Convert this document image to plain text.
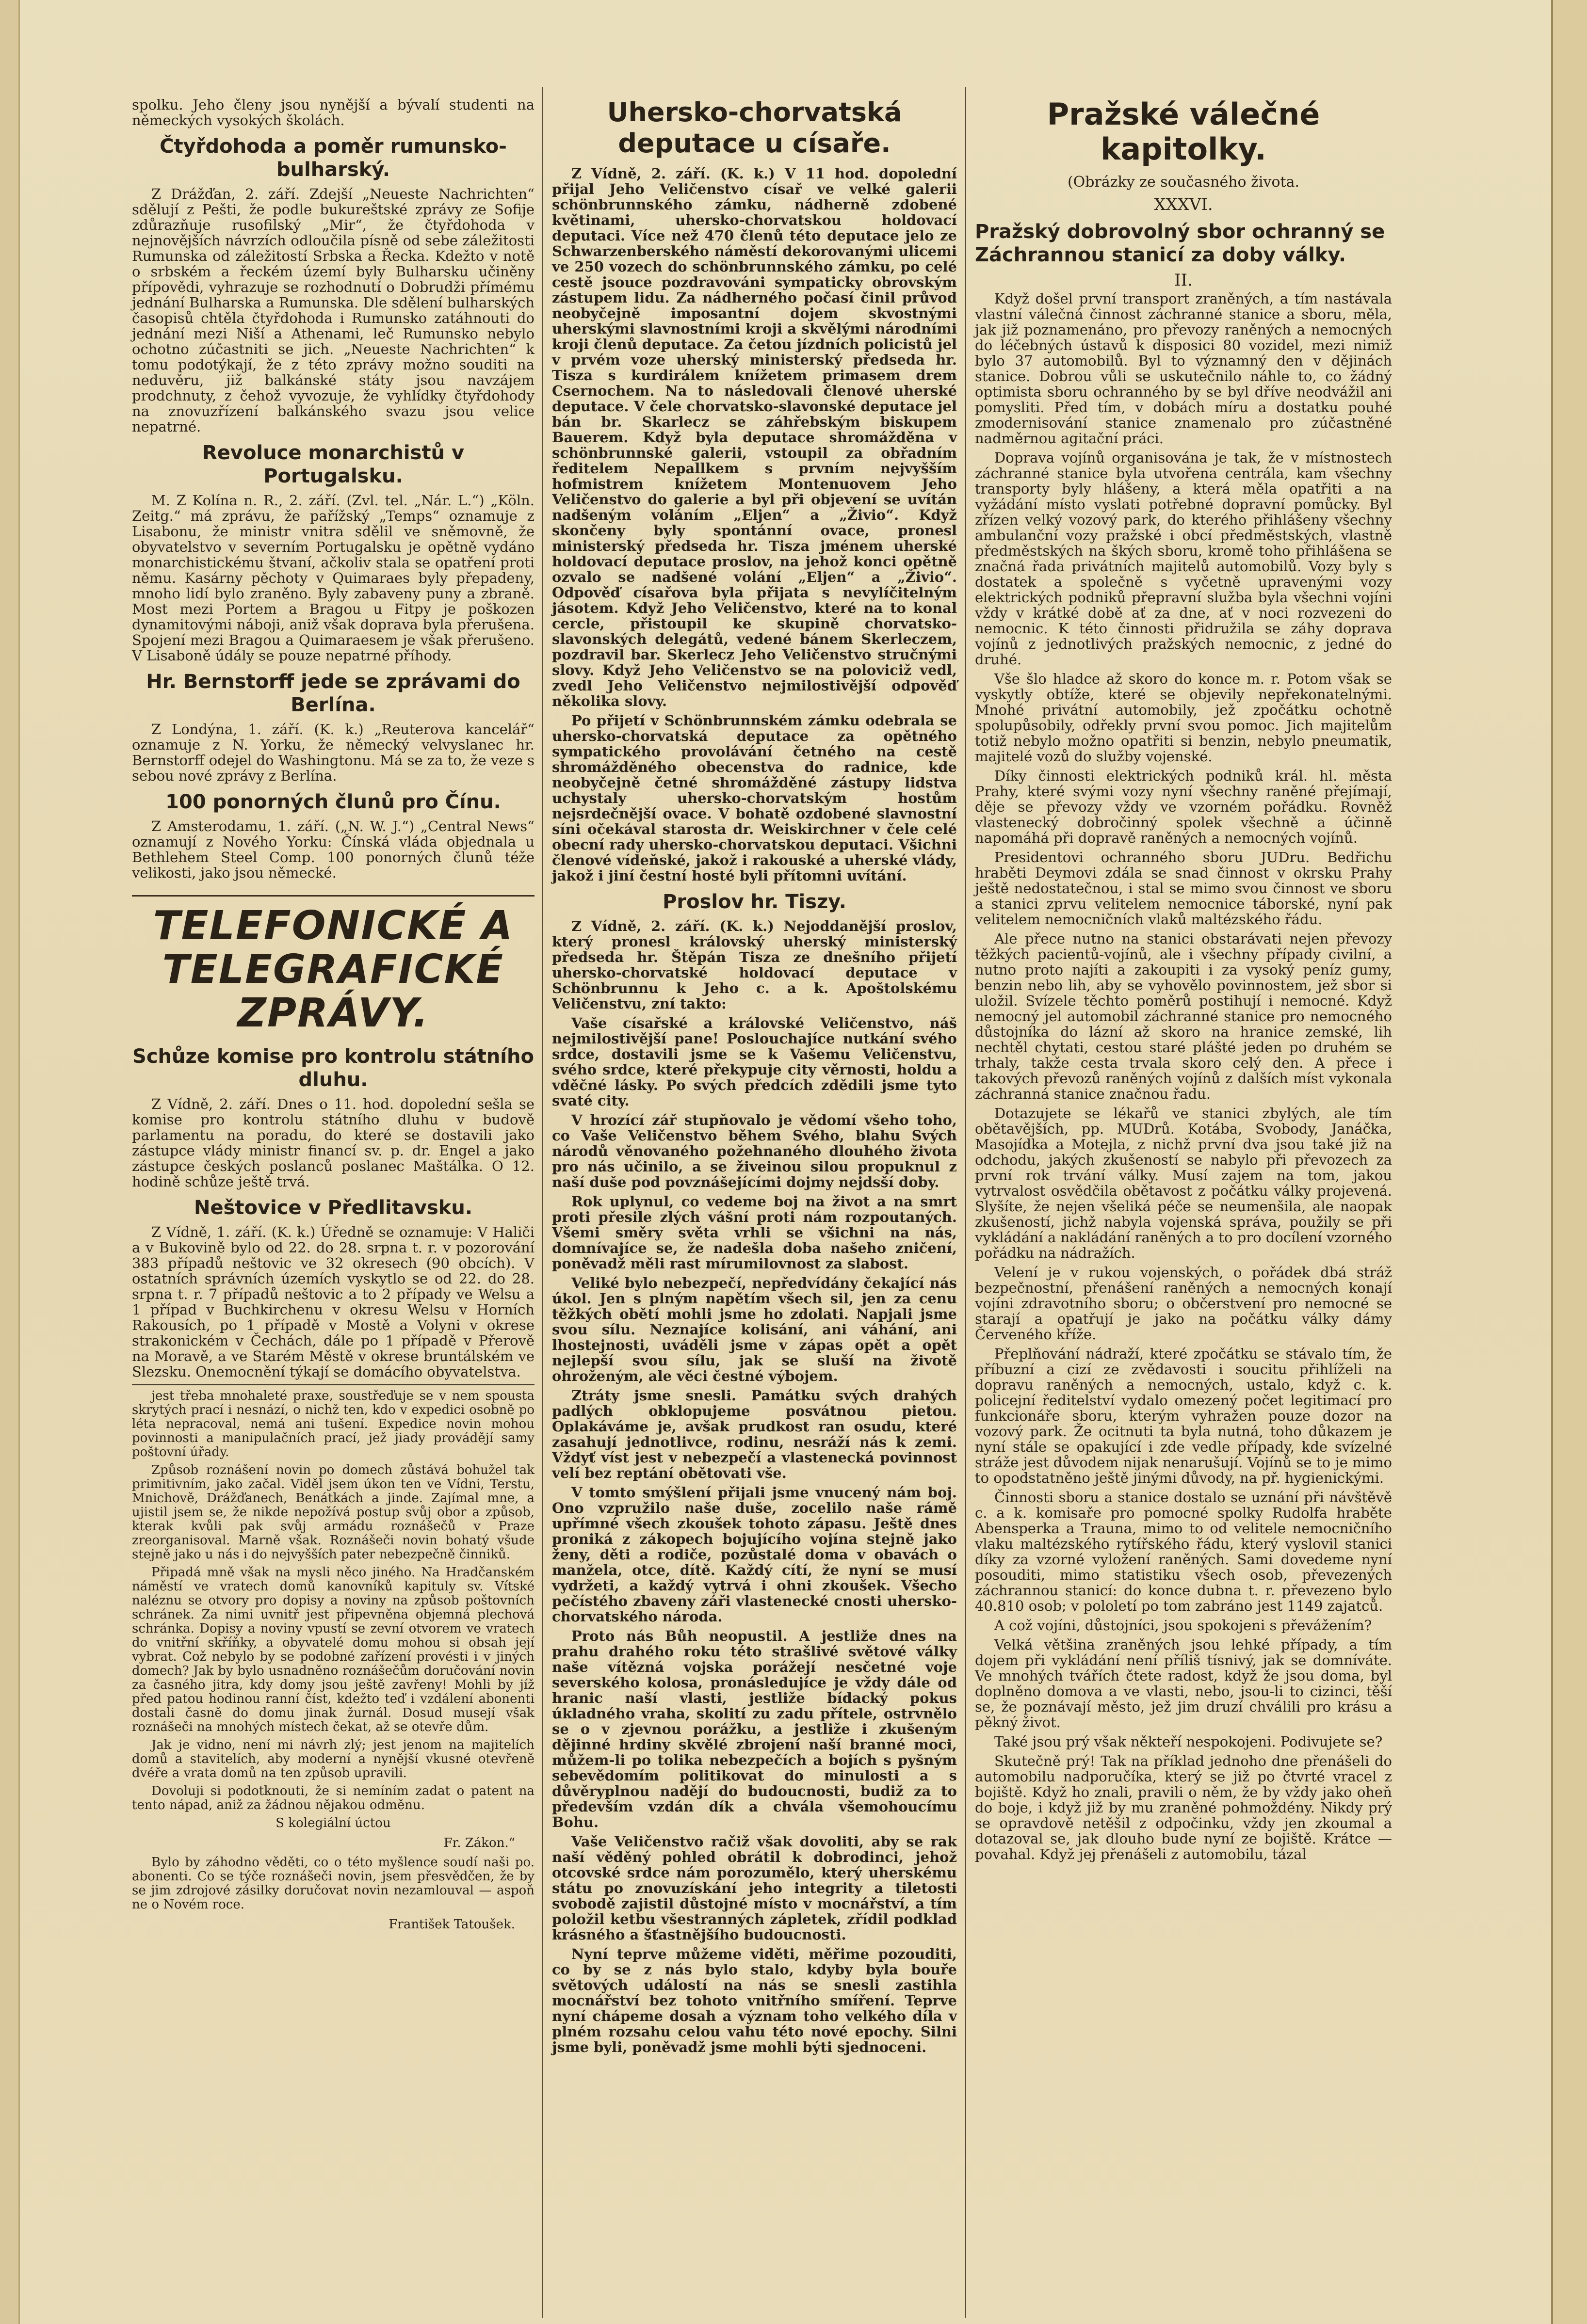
spolku. Jeho členy jsou nynější a bývalí studenti na německých vysokých školách.

Čtyřdohoda a poměr rumunsko-bulharský.

Z Drážďan, 2. září. Zdejší „Neueste Nachrichten“ sdělují z Pešti, že podle bukureštské zprávy ze Sofije zdůrazňuje rusofilský „Mir“, že čtyřdohoda v nejnovějších návrzích odloučila písně od sebe záležitosti Rumunska od záležitostí Srbska a Řecka. Kdežto v notě o srbském a řeckém území byly Bulharsku učiněny přípovědi, vyhrazuje se rozhodnutí o Dobrudži přímému jednání Bulharska a Rumunska. Dle sdělení bulharských časopisů chtěla čtyřdohoda i Rumunsko zatáhnouti do jednání mezi Niší a Athenami, leč Rumunsko nebylo ochotno zúčastniti se jich. „Neueste Nachrichten“ k tomu podotýkají, že z této zprávy možno souditi na neduvěru, již balkánské státy jsou navzájem prodchnuty, z čehož vyvozuje, že vyhlídky čtyřdohody na znovuzřízení balkánského svazu jsou velice nepatrné.

Revoluce monarchistů v Portugalsku.

M. Z Kolína n. R., 2. září. (Zvl. tel. „Nár. L.“) „Köln. Zeitg.“ má zprávu, že pařížský „Temps“ oznamuje z Lisabonu, že ministr vnitra sdělil ve sněmovně, že obyvatelstvo v severním Portugalsku je opětně vydáno monarchistickému štvaní, ačkoliv stala se opatření proti němu. Kasárny pěchoty v Quimaraes byly přepadeny, mnoho lidí bylo zraněno. Byly zabaveny puny a zbraně. Most mezi Portem a Bragou u Fitpy je poškozen dynamitovými náboji, aniž však doprava byla přerušena. Spojení mezi Bragou a Quimaraesem je však přerušeno. V Lisaboně údály se pouze nepatrné příhody.

Hr. Bernstorff jede se zprávami do Berlína.

Z Londýna, 1. září. (K. k.) „Reuterova kancelář“ oznamuje z N. Yorku, že německý velvyslanec hr. Bernstorff odejel do Washingtonu. Má se za to, že veze s sebou nové zprávy z Berlína.

100 ponorných člunů pro Čínu.

Z Amsterodamu, 1. září. („N. W. J.“) „Central News“ oznamují z Nového Yorku: Čínská vláda objednala u Bethlehem Steel Comp. 100 ponorných člunů téže velikosti, jako jsou německé.

TELEFONICKÉ A TELEGRAFICKÉ ZPRÁVY.
Schůze komise pro kontrolu státního dluhu.

Z Vídně, 2. září. Dnes o 11. hod. dopolední sešla se komise pro kontrolu státního dluhu v budově parlamentu na poradu, do které se dostavili jako zástupce vlády ministr financí sv. p. dr. Engel a jako zástupce českých poslanců poslanec Maštálka. O 12. hodině schůze ještě trvá.

Neštovice v Předlitavsku.

Z Vídně, 1. září. (K. k.) Úředně se oznamuje: V Haliči a v Bukovině bylo od 22. do 28. srpna t. r. v pozorování 383 případů neštovic ve 32 okresech (90 obcích). V ostatních správních územích vyskytlo se od 22. do 28. srpna t. r. 7 případů neštovic a to 2 případy ve Welsu a 1 případ v Buchkirchenu v okresu Welsu v Horních Rakousích, po 1 případě v Mostě a Volyni v okrese strakonickém v Čechách, dále po 1 případě v Přerově na Moravě, a ve Starém Městě v okrese bruntálském ve Slezsku. Onemocnění týkají se domácího obyvatelstva.

jest třeba mnohaleté praxe, soustřeďuje se v nem spousta skrytých prací i nesnází, o nichž ten, kdo v expedici osobně po léta nepracoval, nemá ani tušení. Expedice novin mohou povinnosti a manipulačních prací, jež jiady provádějí samy poštovní úřady.

Způsob roznášení novin po domech zůstává bohužel tak primitivním, jako začal. Viděl jsem úkon ten ve Vídni, Terstu, Mnichově, Drážďanech, Benátkách a jinde. Zajímal mne, a ujistil jsem se, že nikde nepožívá postup svůj obor a způsob, kterak kvůli pak svůj armádu roznášečů v Praze zreorganisoval. Marně však. Roznášeči novin bohatý všude stejně jako u nás i do nejvyšších pater nebezpečně činniků.

Připadá mně však na mysli něco jiného. Na Hradčanském náměstí ve vratech domů kanovníků kapituly sv. Vítské naléznu se otvory pro dopisy a noviny na způsob poštovních schránek. Za nimi uvnitř jest připevněna objemná plechová schránka. Dopisy a noviny vpustí se zevní otvorem ve vratech do vnitřní skříňky, a obyvatelé domu mohou si obsah její vybrat. Což nebylo by se podobné zařízení provésti i v jiných domech? Jak by bylo usnadněno roznášečům doručování novin za časného jitra, kdy domy jsou ještě zavřeny! Mohli by jíž před patou hodinou ranní číst, kdežto teď i vzdálení abonenti dostali časně do domu jinak žurnál. Dosud musejí však roznášeči na mnohých místech čekat, až se otevře dům.

Jak je vidno, není mi návrh zlý; jest jenom na majitelích domů a stavitelích, aby moderní a nynější vkusné otevřeně dvéře a vrata domů na ten způsob upravili.

Dovoluji si podotknouti, že si nemíním zadat o patent na tento nápad, aniž za žádnou nějakou odměnu.

S kolegiální úctou

Fr. Zákon.“

Bylo by záhodno věděti, co o této myšlence soudí naši po. abonenti. Co se týče roznášeči novin, jsem přesvědčen, že by se jim zdrojové zásilky doručovat novin nezamlouval — aspoň ne o Novém roce.

František Tatoušek.

Uhersko-chorvatská deputace u císaře.

Z Vídně, 2. září. (K. k.) V 11 hod. dopolední přijal Jeho Veličenstvo císař ve velké galerii schönbrunnského zámku, nádherně zdobené květinami, uhersko-chorvatskou holdovací deputaci. Více než 470 členů této deputace jelo ze Schwarzenberského náměstí dekorovanými ulicemi ve 250 vozech do schönbrunnského zámku, po celé cestě jsouce pozdravováni sympaticky obrovským zástupem lidu. Za nádherného počasí činil průvod neobyčejně imposantní dojem skvostnými uherskými slavnostními kroji a skvělými národními kroji členů deputace. Za četou jízdních policistů jel v prvém voze uherský ministerský předseda hr. Tisza s kurdirálem knížetem primasem drem Csernochem. Na to následovali členové uherské deputace. V čele chorvatsko-slavonské deputace jel bán br. Skarlecz se záhřebským biskupem Bauerem. Když byla deputace shromážděna v schönbrunnské galerii, vstoupil za obřadním ředitelem Nepallkem s prvním nejvyšším hofmistrem knížetem Montenuovem Jeho Veličenstvo do galerie a byl při objevení se uvítán nadšeným voláním „Eljen“ a „Živio“. Když skončeny byly spontánní ovace, pronesl ministerský předseda hr. Tisza jménem uherské holdovací deputace proslov, na jehož konci opětně ozvalo se nadšené volání „Eljen“ a „Živio“. Odpověď císařova byla přijata s nevylíčitelným jásotem. Když Jeho Veličenstvo, které na to konal cercle, přistoupil ke skupině chorvatsko-slavonských delegátů, vedené bánem Skerleczem, pozdravil bar. Skerlecz Jeho Veličenstvo stručnými slovy. Když Jeho Veličenstvo se na poloviciž vedl, zvedl Jeho Veličenstvo nejmilostivější odpověď několika slovy.

Po přijetí v Schönbrunnském zámku odebrala se uhersko-chorvatská deputace za opětného sympatického provolávání četného na cestě shromážděného obecenstva do radnice, kde neobyčejně četné shromážděné zástupy lidstva uchystaly uhersko-chorvatským hostům nejsrdečnější ovace. V bohatě ozdobené slavnostní síni očekával starosta dr. Weiskirchner v čele celé obecní rady uhersko-chorvatskou deputaci. Všichni členové vídeňské, jakož i rakouské a uherské vlády, jakož i jiní čestní hosté byli přítomni uvítání.

Proslov hr. Tiszy.

Z Vídně, 2. září. (K. k.) Nejoddanější proslov, který pronesl královský uherský ministerský předseda hr. Štěpán Tisza ze dnešního přijetí uhersko-chorvatské holdovací deputace v Schönbrunnu k Jeho c. a k. Apoštolskému Veličenstvu, zní takto:

Vaše císařské a královské Veličenstvo, náš nejmilostivější pane! Poslouchajíce nutkání svého srdce, dostavili jsme se k Vašemu Veličenstvu, svého srdce, které překypuje city věrnosti, holdu a vděčné lásky. Po svých předcích zdědili jsme tyto svaté city.

V hrozící zář stupňovalo je vědomí všeho toho, co Vaše Veličenstvo během Svého, blahu Svých národů věnovaného požehnaného dlouhého života pro nás učinilo, a se živeinou silou propuknul z naší duše pod povznášejícími dojmy nejdsší doby.

Rok uplynul, co vedeme boj na život a na smrt proti přesile zlých vášní proti nám rozpoutaných. Všemi směry světa vrhli se všichni na nás, domnívajíce se, že nadešla doba našeho zničení, poněvadž měli rast mírumilovnost za slabost.

Veliké bylo nebezpečí, nepředvídány čekající nás úkol. Jen s plným napětím všech sil, jen za cenu těžkých obětí mohli jsme ho zdolati. Napjali jsme svou sílu. Neznajíce kolisání, ani váhání, ani lhostejnosti, uváděli jsme v zápas opět a opět nejlepší svou sílu, jak se sluší na životě ohroženým, ale věci čestné výbojem.

Ztráty jsme snesli. Památku svých drahých padlých obklopujeme posvátnou pietou. Oplakáváme je, avšak prudkost ran osudu, které zasahují jednotlivce, rodinu, nesráží nás k zemi. Vždyť víst jest v nebezpečí a vlastenecká povinnost velí bez reptání obětovati vše.

V tomto smýšlení přijali jsme vnucený nám boj. Ono vzpružilo naše duše, zocelilo naše rámě upřímné všech zkoušek tohoto zápasu. Ještě dnes proniká z zákopech bojujícího vojína stejně jako ženy, děti a rodiče, pozůstalé doma v obavách o manžela, otce, dítě. Každý cítí, že nyní se musí vydržeti, a každý vytrvá i ohni zkoušek. Všecho pečístého zbaveny záři vlastenecké cnosti uhersko-chorvatského národa.

Proto nás Bůh neopustil. A jestliže dnes na prahu drahého roku této strašlivé světové války naše vítězná vojska porážejí nesčetné voje severského kolosa, pronásledujíce je vždy dále od hranic naší vlasti, jestliže bídacký pokus úkladného vraha, skolití zu zadu přítele, ostrvnělo se o v zjevnou porážku, a jestliže i zkušeným dějinné hrdiny skvělé zbrojení naší branné moci, můžem-li po tolika nebezpečích a bojích s pyšným sebevědomím politikovat do minulosti a s důvěryplnou nadějí do budoucnosti, budiž za to především vzdán dík a chvála všemohoucímu Bohu.

Vaše Veličenstvo račiž však dovoliti, aby se rak naší věděný pohled obrátil k dobrodinci, jehož otcovské srdce nám porozumělo, který uherskému státu po znovuzískání jeho integrity a tiletosti svobodě zajistil důstojné místo v mocnářství, a tím položil ketbu všestranných zápletek, zřídil podklad krásného a šťastnějšího budoucnosti.

Nyní teprve můžeme viděti, měřime pozouditi, co by se z nás bylo stalo, kdyby byla bouře světových událostí na nás se snesli zastihla mocnářství bez tohoto vnitřního smíření. Teprve nyní chápeme dosah a význam toho velkého díla v plném rozsahu celou vahu této nové epochy. Silni jsme byli, poněvadž jsme mohli býti sjednoceni.

Pražské válečné kapitolky.
(Obrázky ze současného života.
XXXVI.
Pražský dobrovolný sbor ochranný se Záchrannou stanicí za doby války.
II.

Když došel první transport zraněných, a tím nastávala vlastní válečná činnost záchranné stanice a sboru, měla, jak již poznamenáno, pro převozy raněných a nemocných do léčebných ústavů k disposici 80 vozidel, mezi nimiž bylo 37 automobilů. Byl to významný den v dějinách stanice. Dobrou vůli se uskutečnilo náhle to, co žádný optimista sboru ochranného by se byl dříve neodvážil ani pomysliti. Před tím, v dobách míru a dostatku pouhé zmodernisování stanice znamenalo pro zúčastněné nadměrnou agitační práci.

Doprava vojínů organisována je tak, že v místnostech záchranné stanice byla utvořena centrála, kam všechny transporty byly hlášeny, a která měla opatřiti a na vyžádání místo vyslati potřebné dopravní pomůcky. Byl zřízen velký vozový park, do kterého přihlášeny všechny ambulanční vozy pražské i obcí předměstských, vlastně předměstských na škých sboru, kromě toho přihlášena se značná řada privátních majitelů automobilů. Vozy byly s dostatek a společně s vyčetně upravenými vozy elektrických podniků přepravní služba byla všechni vojíni vždy v krátké době ať za dne, ať v noci rozvezeni do nemocnic. K této činnosti přidružila se záhy doprava vojínů z jednotlivých pražských nemocnic, z jedné do druhé.

Vše šlo hladce až skoro do konce m. r. Potom však se vyskytly obtíže, které se objevily nepřekonatelnými. Mnohé privátní automobily, jež zpočátku ochotně spolupůsobily, odřekly první svou pomoc. Jich majitelům totiž nebylo možno opatřiti si benzin, nebylo pneumatik, majitelé vozů do služby vojenské.

Díky činnosti elektrických podniků král. hl. města Prahy, které svými vozy nyní všechny raněné přejímají, děje se převozy vždy ve vzorném pořádku. Rovněž vlastenecký dobročinný spolek všechně a účinně napomáhá při dopravě raněných a nemocných vojínů.

Presidentovi ochranného sboru JUDru. Bedřichu hraběti Deymovi zdála se snad činnost v okrsku Prahy ještě nedostatečnou, i stal se mimo svou činnost ve sboru a stanici zprvu velitelem nemocnice táborské, nyní pak velitelem nemocničních vlaků maltézského řádu.

Ale přece nutno na stanici obstarávati nejen převozy těžkých pacientů-vojínů, ale i všechny případy civilní, a nutno proto najíti a zakoupiti i za vysoký peníz gumy, benzin nebo lih, aby se vyhovělo povinnostem, jež sbor si uložil. Svízele těchto poměrů postihují i nemocné. Když nemocný jel automobil záchranné stanice pro nemocného důstojníka do lázní až skoro na hranice zemské, lih nechtěl chytati, cestou staré plášté jeden po druhém se trhaly, takže cesta trvala skoro celý den. A přece i takových převozů raněných vojínů z dalších míst vykonala záchranná stanice značnou řadu.

Dotazujete se lékařů ve stanici zbylých, ale tím obětavějších, pp. MUDrů. Kotába, Svobody, Janáčka, Masojídka a Motejla, z nichž první dva jsou také již na odchodu, jakých zkušeností se nabylo při převozech za první rok trvání války. Musí zajem na tom, jakou vytrvalost osvědčila obětavost z počátku války projevená. Slyšíte, že nejen všeliká péče se neumenšila, ale naopak zkušeností, jichž nabyla vojenská správa, použily se při vykládání a nakládání raněných a to pro docílení vzorného pořádku na nádražích.

Velení je v rukou vojenských, o pořádek dbá stráž bezpečnostní, přenášení raněných a nemocných konají vojíni zdravotního sboru; o občerstvení pro nemocné se starají a opatřují je jako na počátku války dámy Červeného kříže.

Přeplňování nádraží, které zpočátku se stávalo tím, že příbuzní a cizí ze zvědavosti i soucitu přihlíželi na dopravu raněných a nemocných, ustalo, když c. k. policejní ředitelství vydalo omezený počet legitimací pro funkcionáře sboru, kterým vyhražen pouze dozor na vozový park. Že ocitnuti ta byla nutná, toho důkazem je nyní stále se opakující i zde vedle případy, kde svízelné stráže jest důvodem nijak nenarušují. Vojínů se to je mimo to opodstatněno ještě jinými důvody, na př. hygienickými.

Činnosti sboru a stanice dostalo se uznání při návštěvě c. a k. komisaře pro pomocné spolky Rudolfa hraběte Abensperka a Trauna, mimo to od velitele nemocničního vlaku maltézského rytířského řádu, který vyslovil stanici díky za vzorné vyložení raněných. Sami dovedeme nyní posouditi, mimo statistiku všech osob, převezených záchrannou stanicí: do konce dubna t. r. převezeno bylo 40.810 osob; v pololetí po tom zabráno jest 1149 zajatců.

A což vojíni, důstojníci, jsou spokojeni s převážením?

Velká většina zraněných jsou lehké případy, a tím dojem při vykládání není příliš tísnivý, jak se domníváte. Ve mnohých tvářích čtete radost, když že jsou doma, byl doplněno domova a ve vlasti, nebo, jsou-li to cizinci, těší se, že poznávají město, jež jim druzí chválili pro krásu a pěkný život.

Také jsou prý však někteří nespokojeni. Podivujete se?

Skutečně prý! Tak na příklad jednoho dne přenášeli do automobilu nadporučíka, který se již po čtvrté vracel z bojiště. Když ho znali, pravili o něm, že by vždy jako oheň do boje, i když již by mu zraněné pohmoždény. Nikdy prý se opravdově netěšil z odpočinku, vždy jen zkoumal a dotazoval se, jak dlouho bude nyní ze bojiště. Krátce — povahal. Když jej přenášeli z automobilu, tázal
